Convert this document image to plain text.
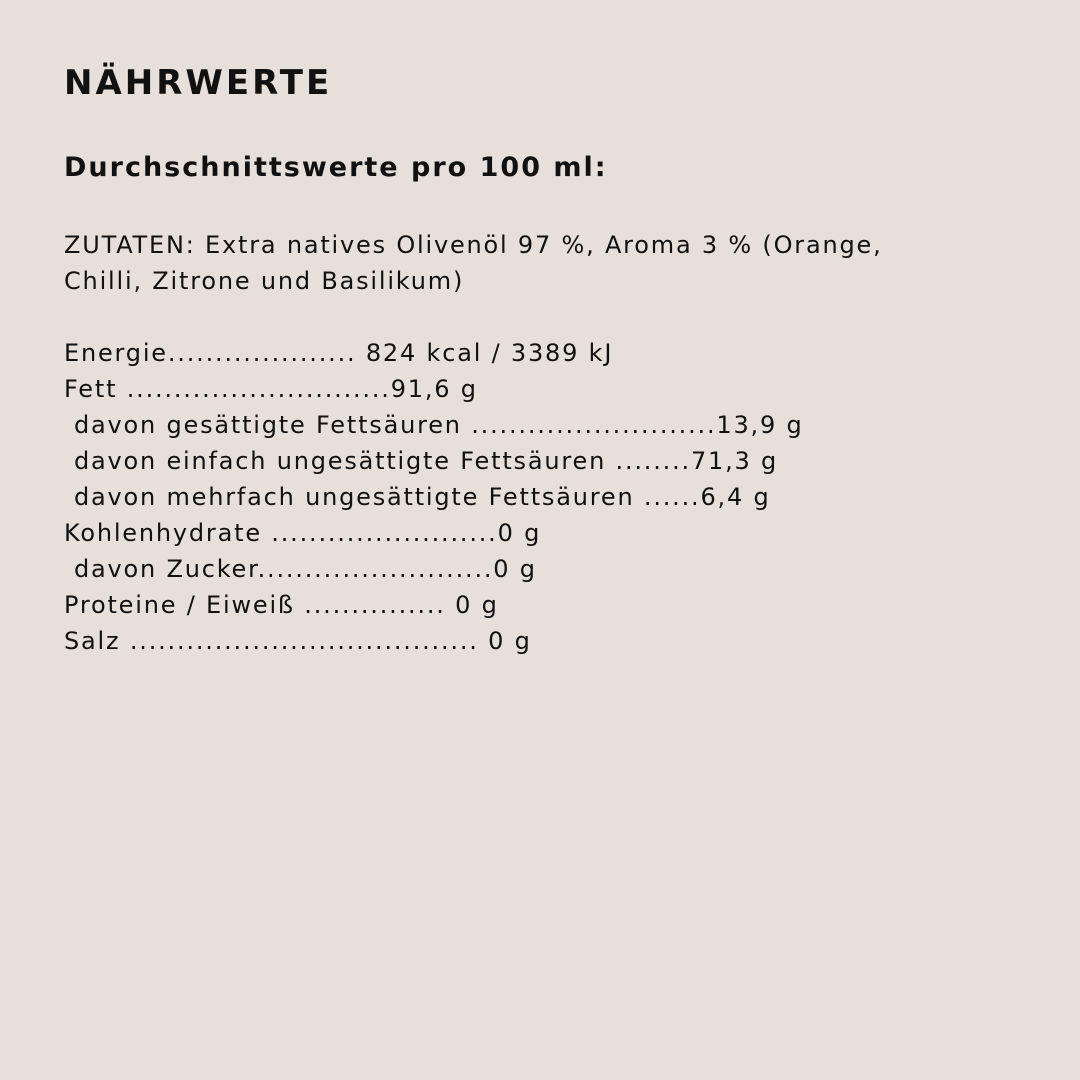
NÄHRWERTE
Durchschnittswerte pro 100 ml:

ZUTATEN: Extra natives Olivenöl 97 %, Aroma 3 % (Orange,
Chilli, Zitrone und Basilikum)

Energie.................... 824 kcal / 3389 kJ
Fett ............................91,6 g
davon gesättigte Fettsäuren ..........................13,9 g
davon einfach ungesättigte Fettsäuren ........71,3 g
davon mehrfach ungesättigte Fettsäuren ......6,4 g
Kohlenhydrate ........................0 g
davon Zucker.........................0 g
Proteine / Eiweiß ............... 0 g
Salz ..................................... 0 g
